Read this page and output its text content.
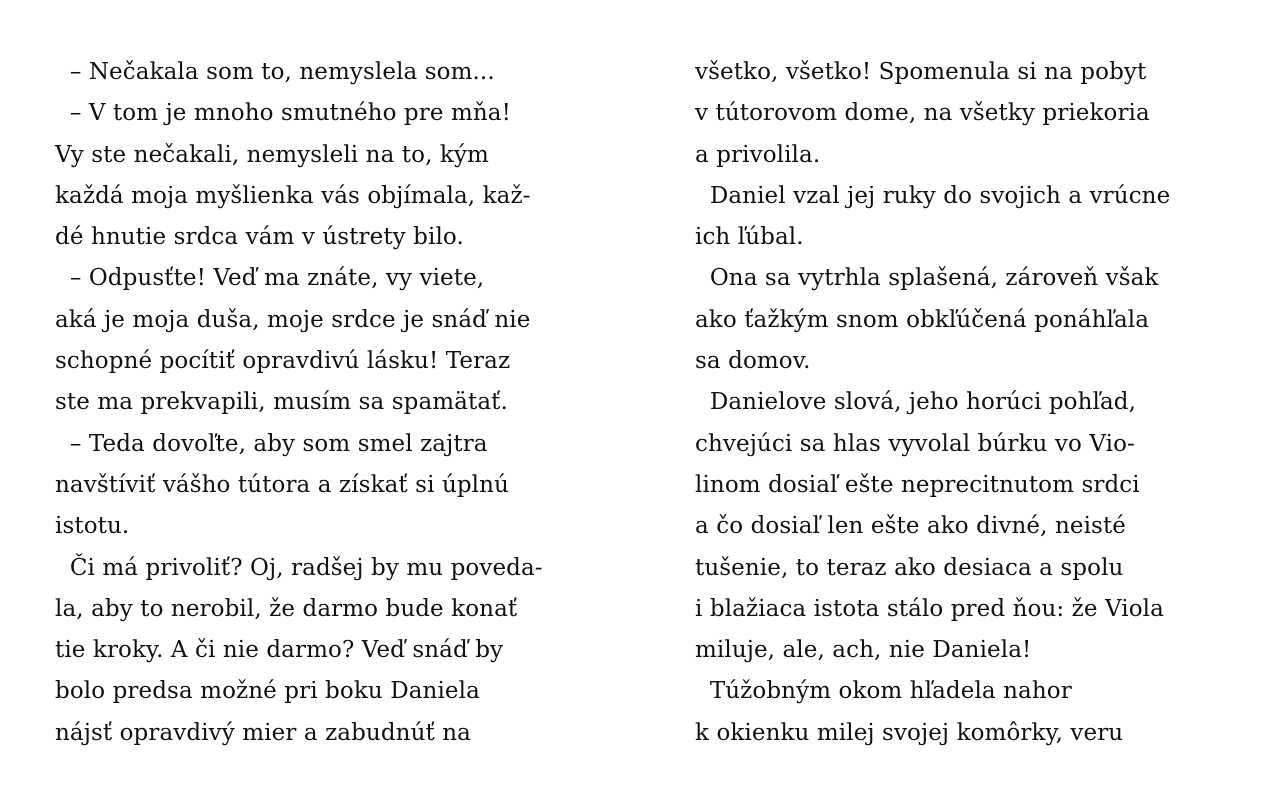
– Nečakala som to, nemyslela som...
– V tom je mnoho smutného pre mňa!
Vy ste nečakali, nemysleli na to, kým
každá moja myšlienka vás objímala, kaž-
dé hnutie srdca vám v ústrety bilo.
– Odpusťte! Veď ma znáte, vy viete,
aká je moja duša, moje srdce je snáď nie
schopné pocítiť opravdivú lásku! Teraz
ste ma prekvapili, musím sa spamätať.
– Teda dovoľte, aby som smel zajtra
navštíviť vášho tútora a získať si úplnú
istotu.
Či má privoliť? Oj, radšej by mu poveda-
la, aby to nerobil, že darmo bude konať
tie kroky. A či nie darmo? Veď snáď by
bolo predsa možné pri boku Daniela
nájsť opravdivý mier a zabudnúť na
všetko, všetko! Spomenula si na pobyt
v tútorovom dome, na všetky priekoria
a privolila.
Daniel vzal jej ruky do svojich a vrúcne
ich ľúbal.
Ona sa vytrhla splašená, zároveň však
ako ťažkým snom obkľúčená ponáhľala
sa domov.
Danielove slová, jeho horúci pohľad,
chvejúci sa hlas vyvolal búrku vo Vio-
linom dosiaľ ešte neprecitnutom srdci
a čo dosiaľ len ešte ako divné, neisté
tušenie, to teraz ako desiaca a spolu
i blažiaca istota stálo pred ňou: že Viola
miluje, ale, ach, nie Daniela!
Túžobným okom hľadela nahor
k okienku milej svojej komôrky, veru
